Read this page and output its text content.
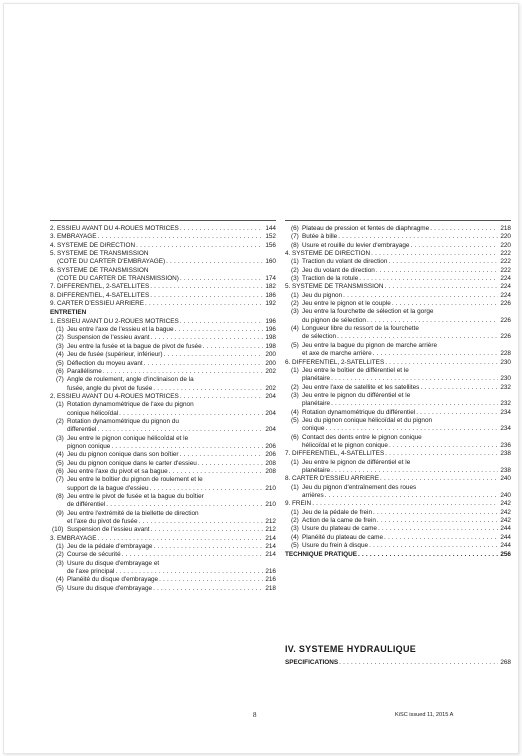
2. ESSIEU AVANT DU 4-ROUES MOTRICES . . .	144
3. EMBRAYAGE . . .	152
4. SYSTEME DE DIRECTION . . .	156
5. SYSTEME DE TRANSMISSION
(COTE DU CARTER D'EMBRAYAGE) . . .	160
6. SYSTEME DE TRANSMISSION
(COTE DU CARTER DE TRANSMISSION) . . .	174
7. DIFFERENTIEL, 2-SATELLITES . . .	182
8. DIFFERENTIEL, 4-SATELLITES . . .	186
9. CARTER D'ESSIEU ARRIERE . . .	192
ENTRETIEN
1. ESSIEU AVANT DU 2-ROUES MOTRICES . . .	196
(1) Jeu entre l'axe de l'essieu et la bague . . .	196
(2) Suspension de l'essieu avant . . .	198
(3) Jeu entre la fusée et la bague de pivot de fusée . . .	198
(4) Jeu de fusée (supérieur, inférieur) . . .	200
(5) Déflection du moyeu avant . . .	200
(6) Parallélisme . . .	202
(7) Angle de roulement, angle d'inclinaison de la
fusée, angle du pivot de fusée . . .	202
2. ESSIEU AVANT DU 4-ROUES MOTRICES . . .	204
(1) Rotation dynamométrique de l'axe du pignon
conique hélicoïdal . . .	204
(2) Rotation dynamométrique du pignon du
differentiel . . .	204
(3) Jeu entre le pignon conique hélicoïdal et le
pignon conique . . .	206
(4) Jeu du pignon conique dans son boîtier . . .	206
(5) Jeu du pignon conique dans le carter d'essieu . . .	208
(6) Jeu entre l'axe du pivot et sa bague . . .	208
(7) Jeu entre le boîtier du pignon de roulement et le
support de la bague d'essieu . . .	210
(8) Jeu entre le pivot de fusée et la bague du boîtier
de différentiel . . .	210
(9) Jeu entre l'extrémité de la biellette de direction
et l'axe du pivot de fusée . . .	212
(10) Suspension de l'essieu avant . . .	212
3. EMBRAYAGE . . .	214
(1) Jeu de la pédale d'embrayage . . .	214
(2) Course de sécurité . . .	214
(3) Usure du disque d'embrayage et
de l'axe principal . . .	216
(4) Planéité du disque d'embrayage . . .	216
(5) Usure du disque d'embrayage . . .	218
(6) Plateau de pression et fentes de diaphragme . . .	218
(7) Butée à bille . . .	220
(8) Usure et rouille du levier d'embrayage . . .	220
4. SYSTEME DE DIRECTION . . .	222
(1) Traction du volant de direction . . .	222
(2) Jeu du volant de direction . . .	222
(3) Traction de la rotule . . .	224
5. SYSTEME DE TRANSMISSION . . .	224
(1) Jeu du pignon . . .	224
(2) Jeu entre le pignon et le couple . . .	226
(3) Jeu entre la fourchette de sélection et la gorge
du pignon de sélection . . .	226
(4) Longueur libre du ressort de la fourchette
de sélection . . .	226
(5) Jeu entre la bague du pignon de marche arrière
et axe de marche arrière . . .	228
6. DIFFERENTIEL, 2-SATELLITES . . .	230
(1) Jeu entre le boîtier de différentiel et le
planétaire . . .	230
(2) Jeu entre l'axe de satellite et les satellites . . .	232
(3) Jeu entre le pignon du différentiel et le
planétaire . . .	232
(4) Rotation dynamométrique du différentiel . . .	234
(5) Jeu du pignon conique hélicoïdal et du pignon
conique . . .	234
(6) Contact des dents entre le pignon conique
hélicoïdal et le pignon conique . . .	236
7. DIFFERENTIEL, 4-SATELLITES . . .	238
(1) Jeu entre le pignon de différentiel et le
planétaire . . .	238
8. CARTER D'ESSIEU ARRIERE . . .	240
(1) Jeu du pignon d'entraînement des roues
arrières . . .	240
9. FREIN . . .	242
(1) Jeu de la pédale de frein . . .	242
(2) Action de la came de frein . . .	242
(3) Usure du plateau de came . . .	244
(4) Planéité du plateau de came . . .	244
(5) Usure du frein à disque . . .	244
TECHNIQUE PRATIQUE . . .	256
IV. SYSTEME HYDRAULIQUE
SPECIFICATIONS . . .	268
8	KiSC issued 11, 2015 A
